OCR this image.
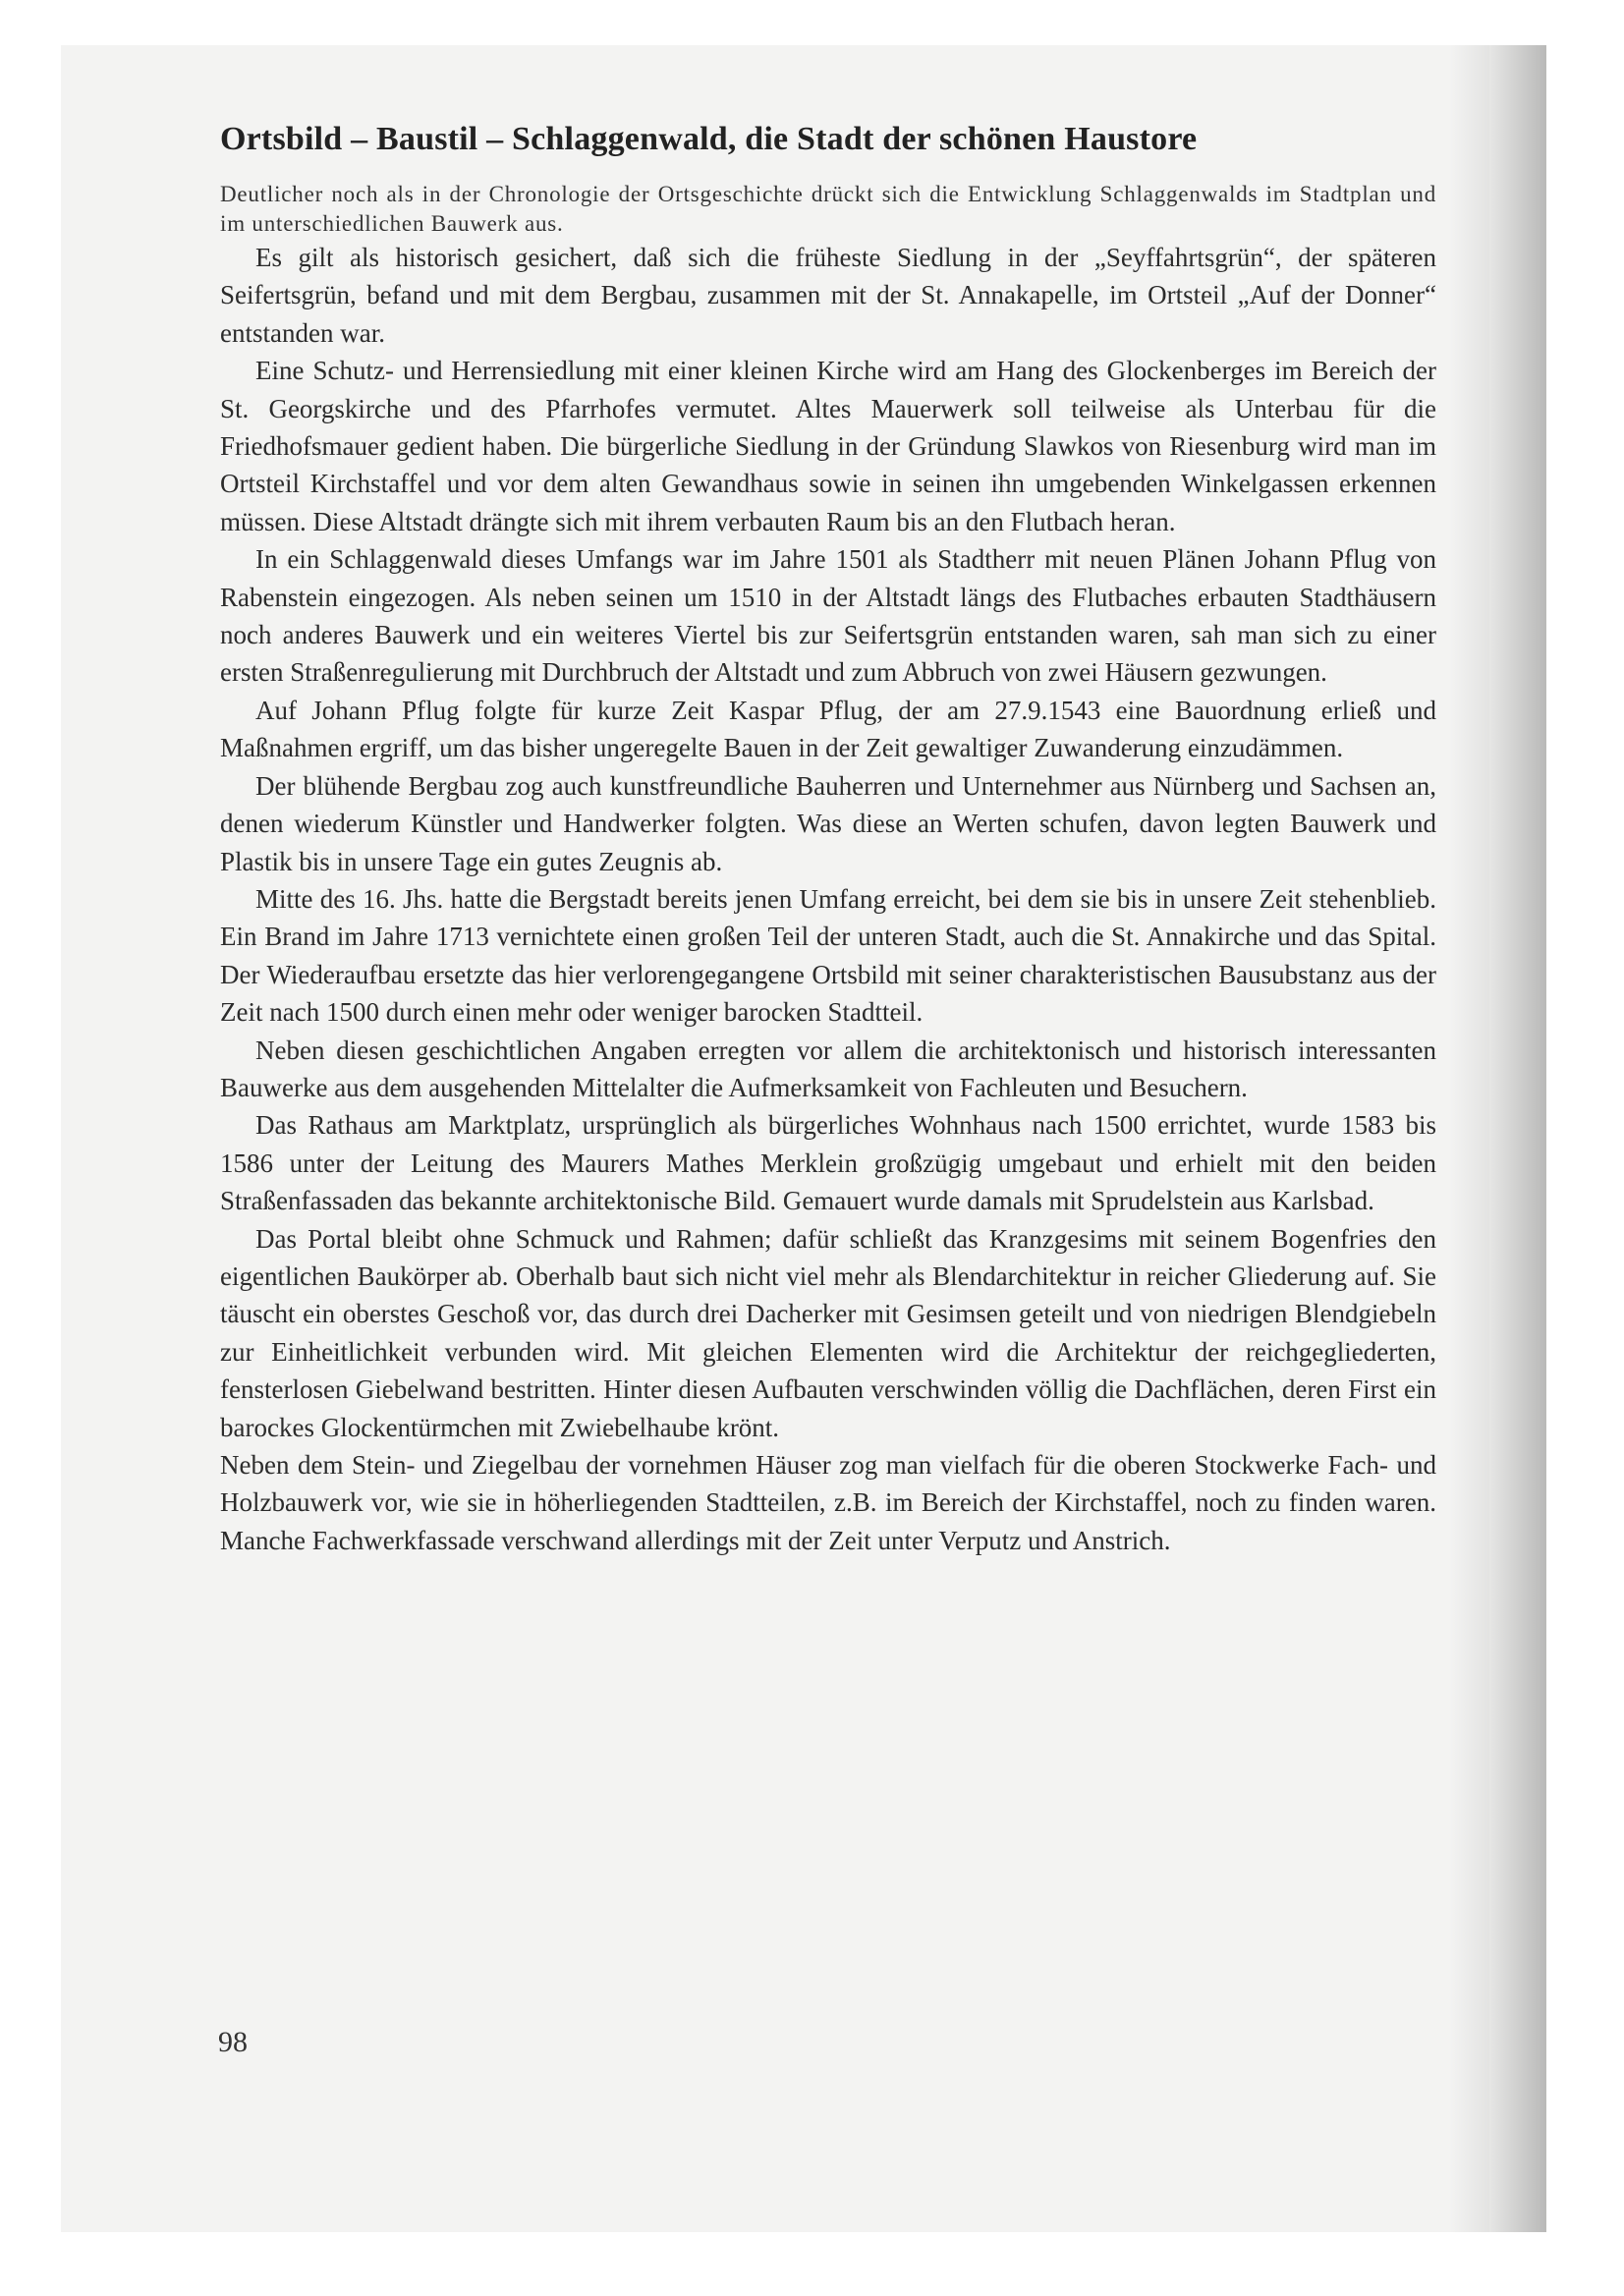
Ortsbild – Baustil – Schlaggenwald, die Stadt der schönen Haustore

Deutlicher noch als in der Chronologie der Ortsgeschichte drückt sich die Entwicklung Schlaggenwalds im Stadtplan und im unterschiedlichen Bauwerk aus.

Es gilt als historisch gesichert, daß sich die früheste Siedlung in der „Seyffahrtsgrün“, der späteren Seifertsgrün, befand und mit dem Bergbau, zusammen mit der St. Annakapelle, im Ortsteil „Auf der Donner“ entstanden war.

Eine Schutz- und Herrensiedlung mit einer kleinen Kirche wird am Hang des Glockenberges im Bereich der St. Georgskirche und des Pfarrhofes vermutet. Altes Mauerwerk soll teilweise als Unterbau für die Friedhofsmauer gedient haben. Die bürgerliche Siedlung in der Gründung Slawkos von Riesenburg wird man im Ortsteil Kirchstaffel und vor dem alten Gewandhaus sowie in seinen ihn umgebenden Winkelgassen erkennen müssen. Diese Altstadt drängte sich mit ihrem verbauten Raum bis an den Flutbach heran.

In ein Schlaggenwald dieses Umfangs war im Jahre 1501 als Stadtherr mit neuen Plänen Johann Pflug von Rabenstein eingezogen. Als neben seinen um 1510 in der Altstadt längs des Flutbaches erbauten Stadthäusern noch anderes Bauwerk und ein weiteres Viertel bis zur Seifertsgrün entstanden waren, sah man sich zu einer ersten Straßenregulierung mit Durchbruch der Altstadt und zum Abbruch von zwei Häusern gezwungen.

Auf Johann Pflug folgte für kurze Zeit Kaspar Pflug, der am 27.9.1543 eine Bauordnung erließ und Maßnahmen ergriff, um das bisher ungeregelte Bauen in der Zeit gewaltiger Zuwanderung einzudämmen.

Der blühende Bergbau zog auch kunstfreundliche Bauherren und Unternehmer aus Nürnberg und Sachsen an, denen wiederum Künstler und Handwerker folgten. Was diese an Werten schufen, davon legten Bauwerk und Plastik bis in unsere Tage ein gutes Zeugnis ab.

Mitte des 16. Jhs. hatte die Bergstadt bereits jenen Umfang erreicht, bei dem sie bis in unsere Zeit stehenblieb. Ein Brand im Jahre 1713 vernichtete einen großen Teil der unteren Stadt, auch die St. Annakirche und das Spital. Der Wiederaufbau ersetzte das hier verlorengegangene Ortsbild mit seiner charakteristischen Bausubstanz aus der Zeit nach 1500 durch einen mehr oder weniger barocken Stadtteil.

Neben diesen geschichtlichen Angaben erregten vor allem die architektonisch und historisch interessanten Bauwerke aus dem ausgehenden Mittelalter die Aufmerksamkeit von Fachleuten und Besuchern.

Das Rathaus am Marktplatz, ursprünglich als bürgerliches Wohnhaus nach 1500 errichtet, wurde 1583 bis 1586 unter der Leitung des Maurers Mathes Merklein großzügig umgebaut und erhielt mit den beiden Straßenfassaden das bekannte architektonische Bild. Gemauert wurde damals mit Sprudelstein aus Karlsbad.

Das Portal bleibt ohne Schmuck und Rahmen; dafür schließt das Kranzgesims mit seinem Bogenfries den eigentlichen Baukörper ab. Oberhalb baut sich nicht viel mehr als Blendarchitektur in reicher Gliederung auf. Sie täuscht ein oberstes Geschoß vor, das durch drei Dacherker mit Gesimsen geteilt und von niedrigen Blendgiebeln zur Einheitlichkeit verbunden wird. Mit gleichen Elementen wird die Architektur der reichgegliederten, fensterlosen Giebelwand bestritten. Hinter diesen Aufbauten verschwinden völlig die Dachflächen, deren First ein barockes Glockentürmchen mit Zwiebelhaube krönt.

Neben dem Stein- und Ziegelbau der vornehmen Häuser zog man vielfach für die oberen Stockwerke Fach- und Holzbauwerk vor, wie sie in höherliegenden Stadtteilen, z.B. im Bereich der Kirchstaffel, noch zu finden waren. Manche Fachwerkfassade verschwand allerdings mit der Zeit unter Verputz und Anstrich.

98
